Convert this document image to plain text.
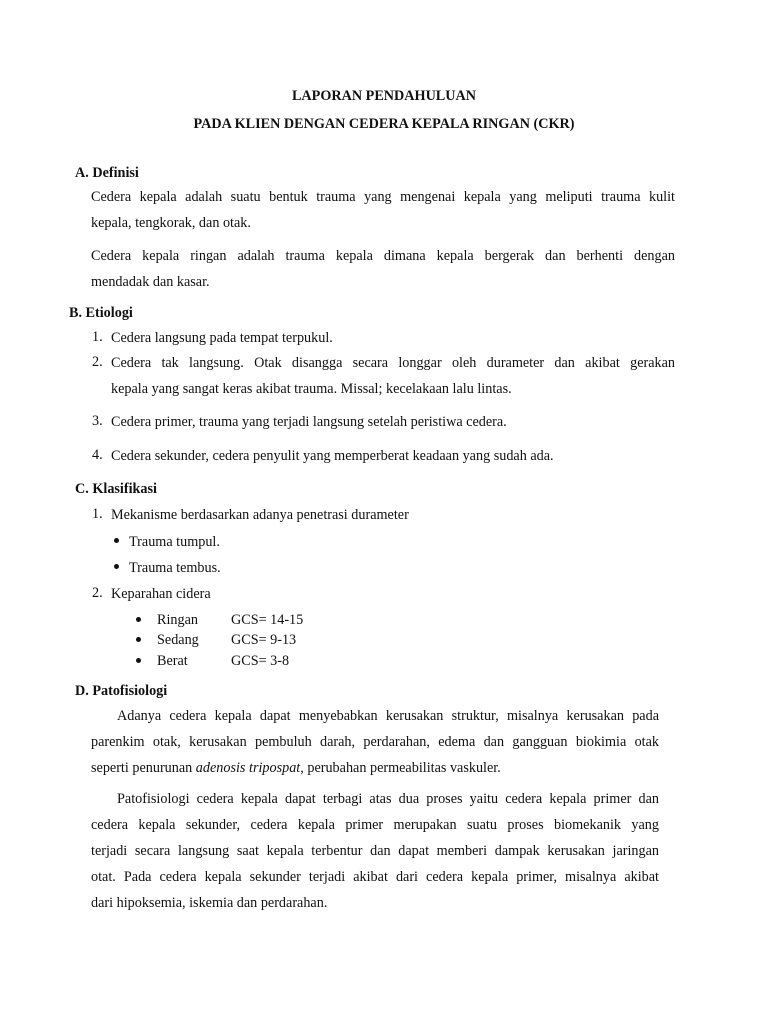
LAPORAN PENDAHULUAN
PADA KLIEN DENGAN CEDERA KEPALA RINGAN (CKR)
A. Definisi
Cedera kepala adalah suatu bentuk trauma yang mengenai kepala yang meliputi trauma kulit
kepala, tengkorak, dan otak.
Cedera kepala ringan adalah trauma kepala dimana kepala bergerak dan berhenti dengan
mendadak dan kasar.
B. Etiologi
1. Cedera langsung pada tempat terpukul.
2. Cedera tak langsung. Otak disangga secara longgar oleh durameter dan akibat gerakan
kepala yang sangat keras akibat trauma. Missal; kecelakaan lalu lintas.
3. Cedera primer, trauma yang terjadi langsung setelah peristiwa cedera.
4. Cedera sekunder, cedera penyulit yang memperberat keadaan yang sudah ada.
C. Klasifikasi
1. Mekanisme berdasarkan adanya penetrasi durameter
Trauma tumpul.
Trauma tembus.
2. Keparahan cidera
Ringan GCS= 14-15
Sedang GCS= 9-13
Berat	GCS= 3-8
D. Patofisiologi
Adanya cedera kepala dapat menyebabkan kerusakan struktur, misalnya kerusakan pada
parenkim otak, kerusakan pembuluh darah, perdarahan, edema dan gangguan biokimia otak
seperti penurunan adenosis tripospat, perubahan permeabilitas vaskuler.
Patofisiologi cedera kepala dapat terbagi atas dua proses yaitu cedera kepala primer dan
cedera kepala sekunder, cedera kepala primer merupakan suatu proses biomekanik yang
terjadi secara langsung saat kepala terbentur dan dapat memberi dampak kerusakan jaringan
otat. Pada cedera kepala sekunder terjadi akibat dari cedera kepala primer, misalnya akibat
dari hipoksemia, iskemia dan perdarahan.
